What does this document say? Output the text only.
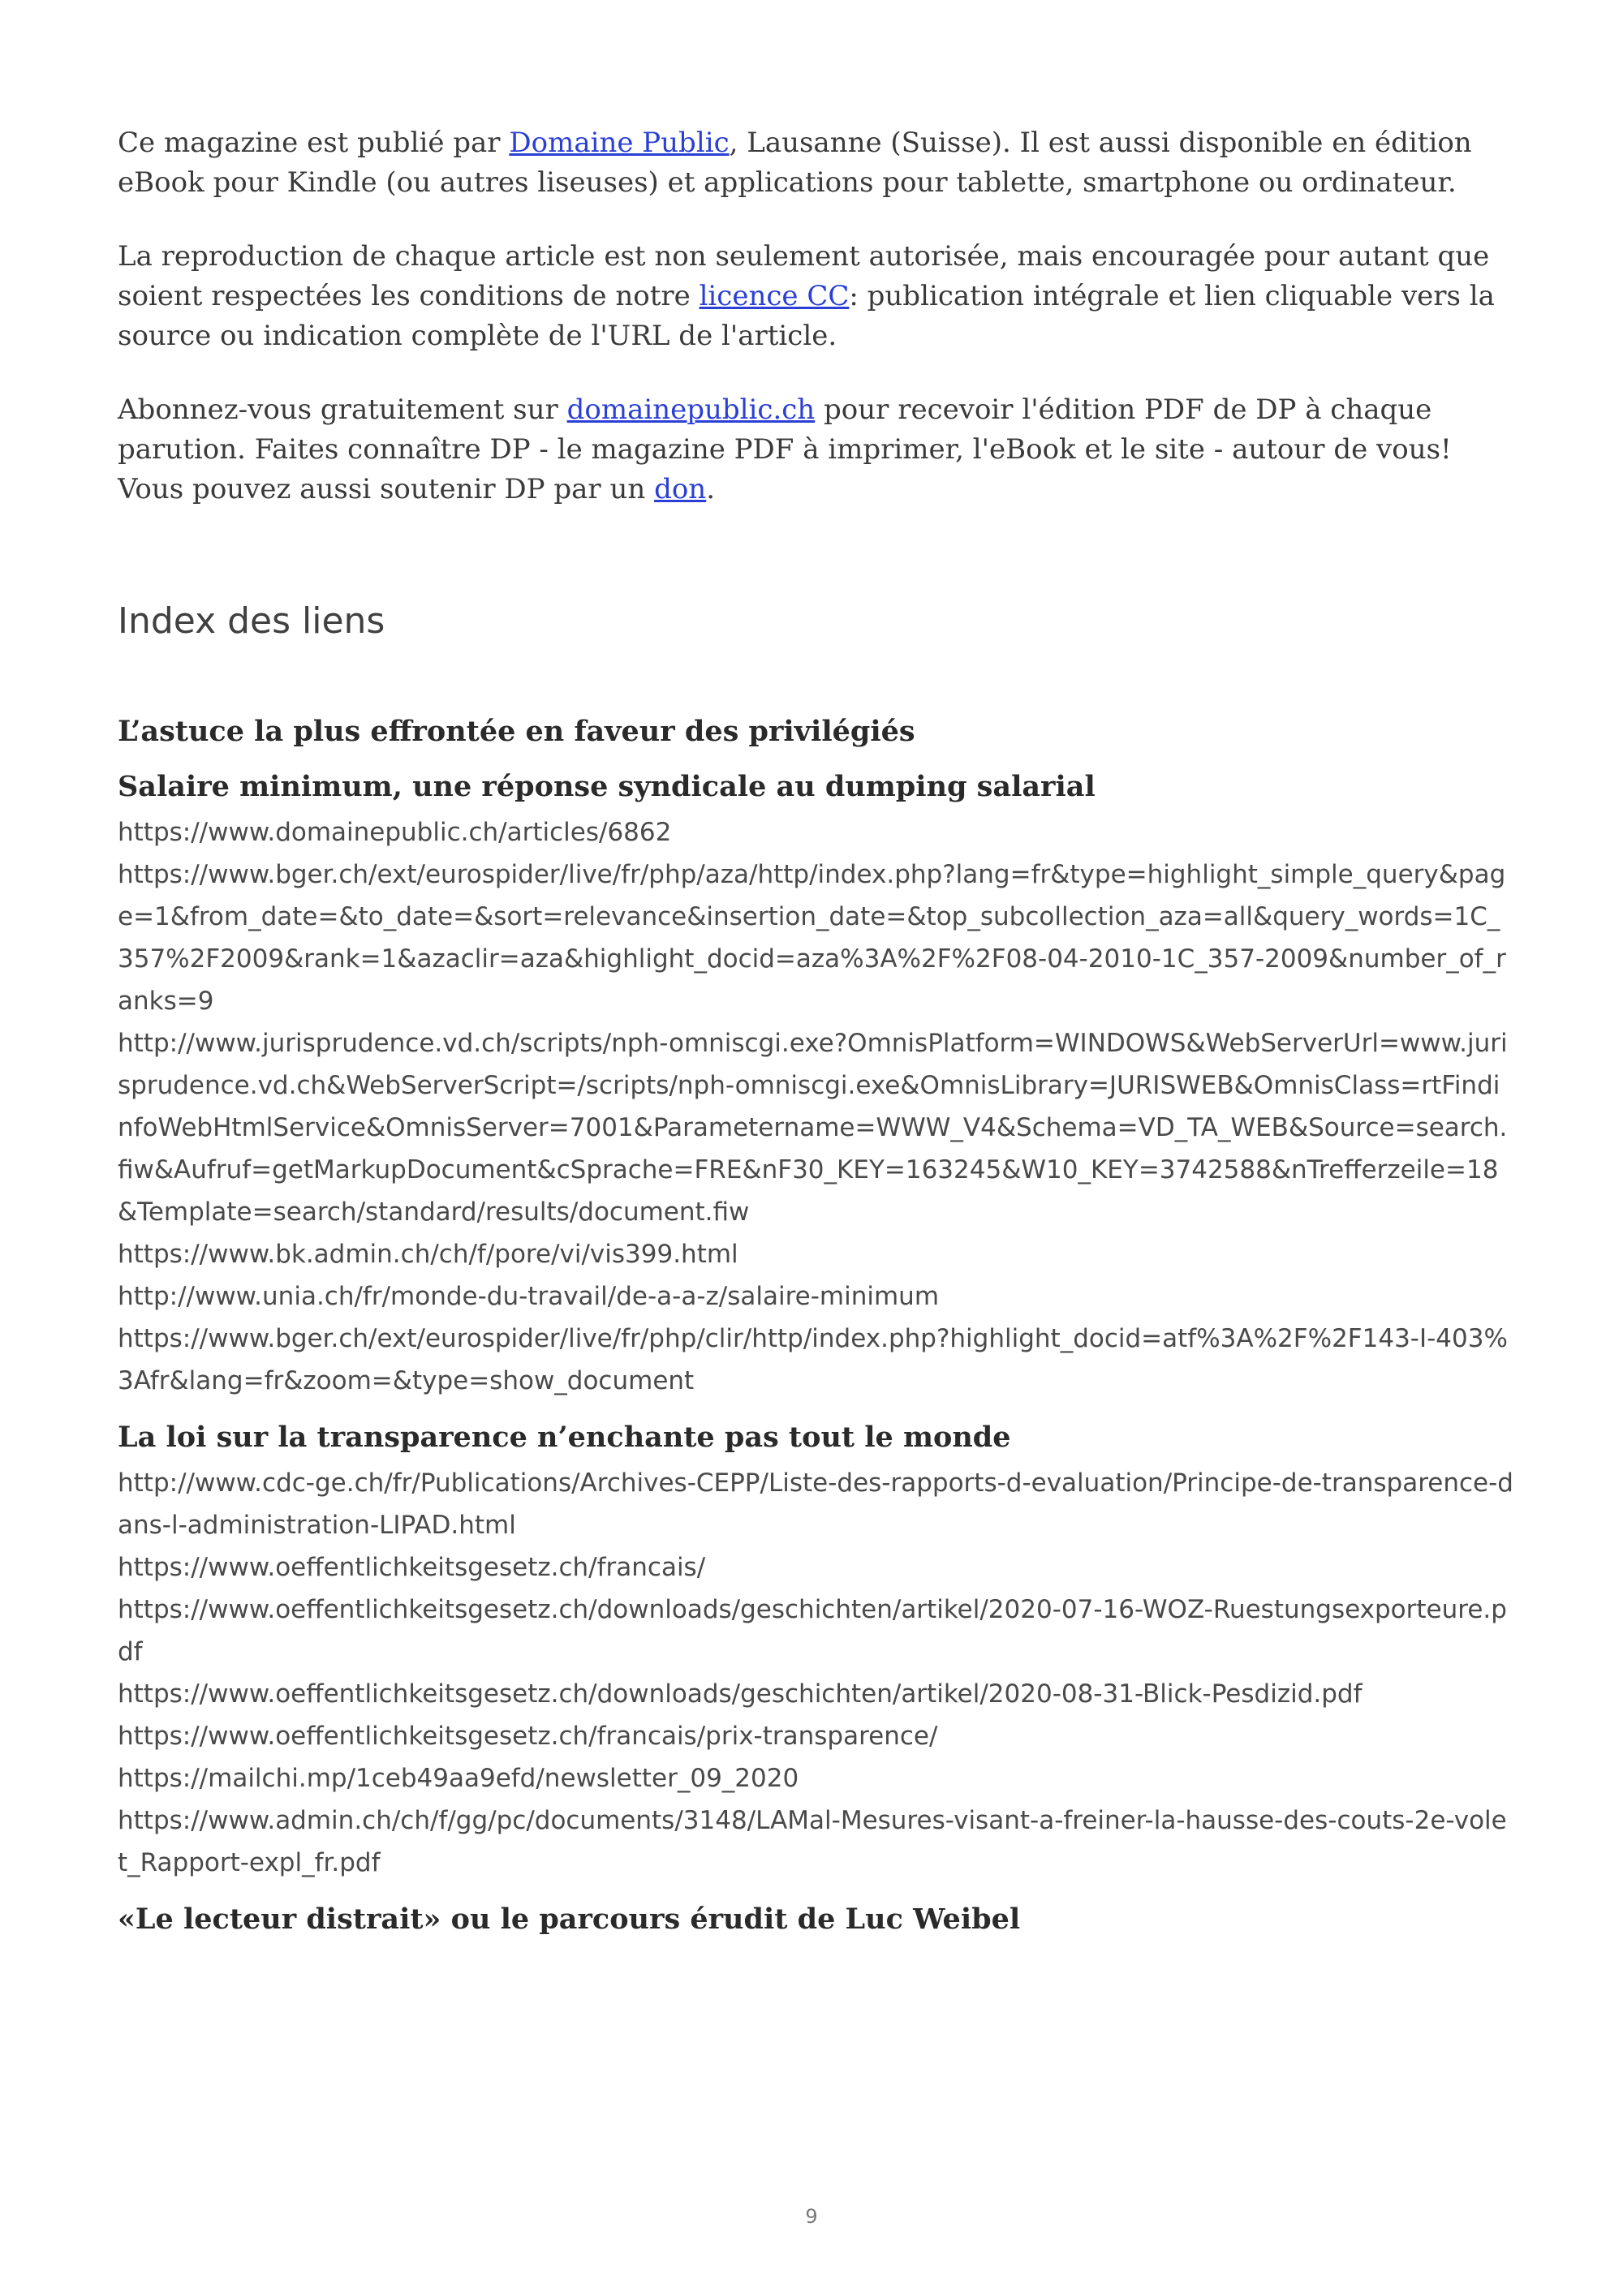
Ce magazine est publié par Domaine Public, Lausanne (Suisse). Il est aussi disponible en édition eBook pour Kindle (ou autres liseuses) et applications pour tablette, smartphone ou ordinateur.

La reproduction de chaque article est non seulement autorisée, mais encouragée pour autant que soient respectées les conditions de notre licence CC: publication intégrale et lien cliquable vers la source ou indication complète de l'URL de l'article.

Abonnez-vous gratuitement sur domainepublic.ch pour recevoir l'édition PDF de DP à chaque parution. Faites connaître DP - le magazine PDF à imprimer, l'eBook et le site - autour de vous! Vous pouvez aussi soutenir DP par un don.

Index des liens
L’astuce la plus effrontée en faveur des privilégiés
Salaire minimum, une réponse syndicale au dumping salarial
https://www.domainepublic.ch/articles/6862
https://www.bger.ch/ext/eurospider/live/fr/php/aza/http/index.php?lang=fr&type=highlight_simple_query&page=1&from_date=&to_date=&sort=relevance&insertion_date=&top_subcollection_aza=all&query_words=1C_357%2F2009&rank=1&azaclir=aza&highlight_docid=aza%3A%2F%2F08-04-2010-1C_357-2009&number_of_ranks=9
http://www.jurisprudence.vd.ch/scripts/nph-omniscgi.exe?OmnisPlatform=WINDOWS&WebServerUrl=www.jurisprudence.vd.ch&WebServerScript=/scripts/nph-omniscgi.exe&OmnisLibrary=JURISWEB&OmnisClass=rtFindinfoWebHtmlService&OmnisServer=7001&Parametername=WWW_V4&Schema=VD_TA_WEB&Source=search.fiw&Aufruf=getMarkupDocument&cSprache=FRE&nF30_KEY=163245&W10_KEY=3742588&nTrefferzeile=18&Template=search/standard/results/document.fiw
https://www.bk.admin.ch/ch/f/pore/vi/vis399.html
http://www.unia.ch/fr/monde-du-travail/de-a-a-z/salaire-minimum
https://www.bger.ch/ext/eurospider/live/fr/php/clir/http/index.php?highlight_docid=atf%3A%2F%2F143-I-403%3Afr&lang=fr&zoom=&type=show_document
La loi sur la transparence n’enchante pas tout le monde
http://www.cdc-ge.ch/fr/Publications/Archives-CEPP/Liste-des-rapports-d-evaluation/Principe-de-transparence-dans-l-administration-LIPAD.html
https://www.oeffentlichkeitsgesetz.ch/francais/
https://www.oeffentlichkeitsgesetz.ch/downloads/geschichten/artikel/2020-07-16-WOZ-Ruestungsexporteure.pdf
https://www.oeffentlichkeitsgesetz.ch/downloads/geschichten/artikel/2020-08-31-Blick-Pesdizid.pdf
https://www.oeffentlichkeitsgesetz.ch/francais/prix-transparence/
https://mailchi.mp/1ceb49aa9efd/newsletter_09_2020
https://www.admin.ch/ch/f/gg/pc/documents/3148/LAMal-Mesures-visant-a-freiner-la-hausse-des-couts-2e-volet_Rapport-expl_fr.pdf
«Le lecteur distrait» ou le parcours érudit de Luc Weibel
9
